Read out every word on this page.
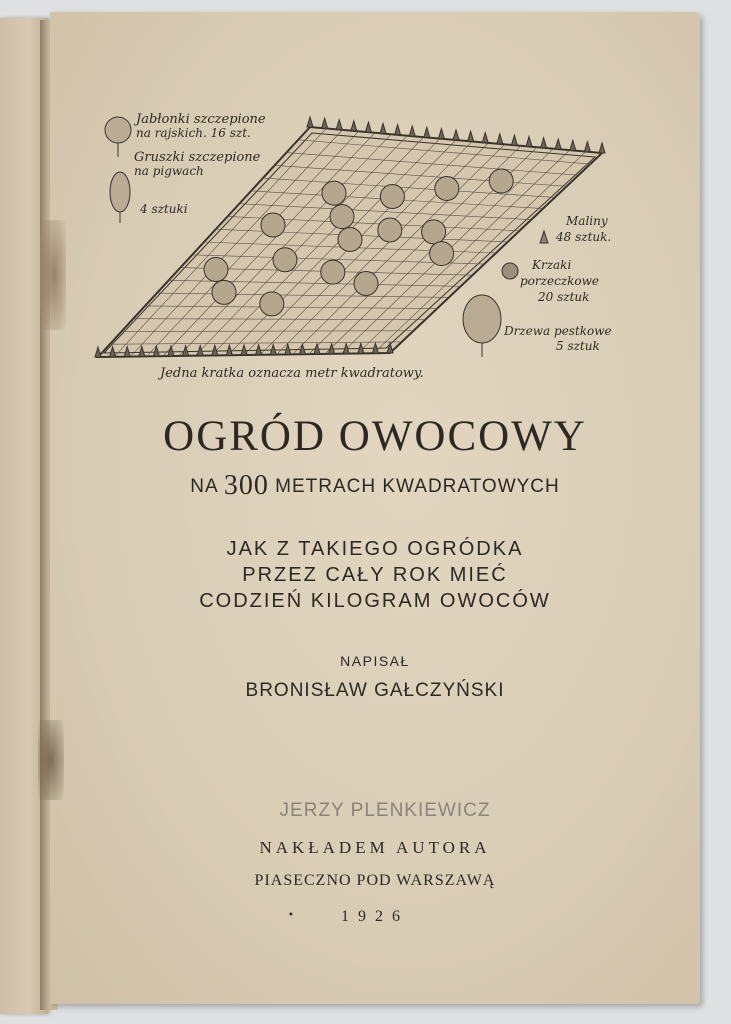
Jabłonki szczepione
na rajskich. 16 szt.
Gruszki szczepione
na pigwach
4 sztuki
Maliny
48 sztuk.
Krzaki
porzeczkowe
20 sztuk
Drzewa pestkowe
5 sztuk
Jedna kratka oznacza metr kwadratowy.
OGRÓD OWOCOWY
NA 300 METRACH KWADRATOWYCH
JAK Z TAKIEGO OGRÓDKA
PRZEZ CAŁY ROK MIEĆ
CODZIEŃ KILOGRAM OWOCÓW
NAPISAŁ
BRONISŁAW GAŁCZYŃSKI
JERZY PLENKIEWICZ
NAKŁADEM AUTORA
PIASECZNO POD WARSZAWĄ
•	1926
